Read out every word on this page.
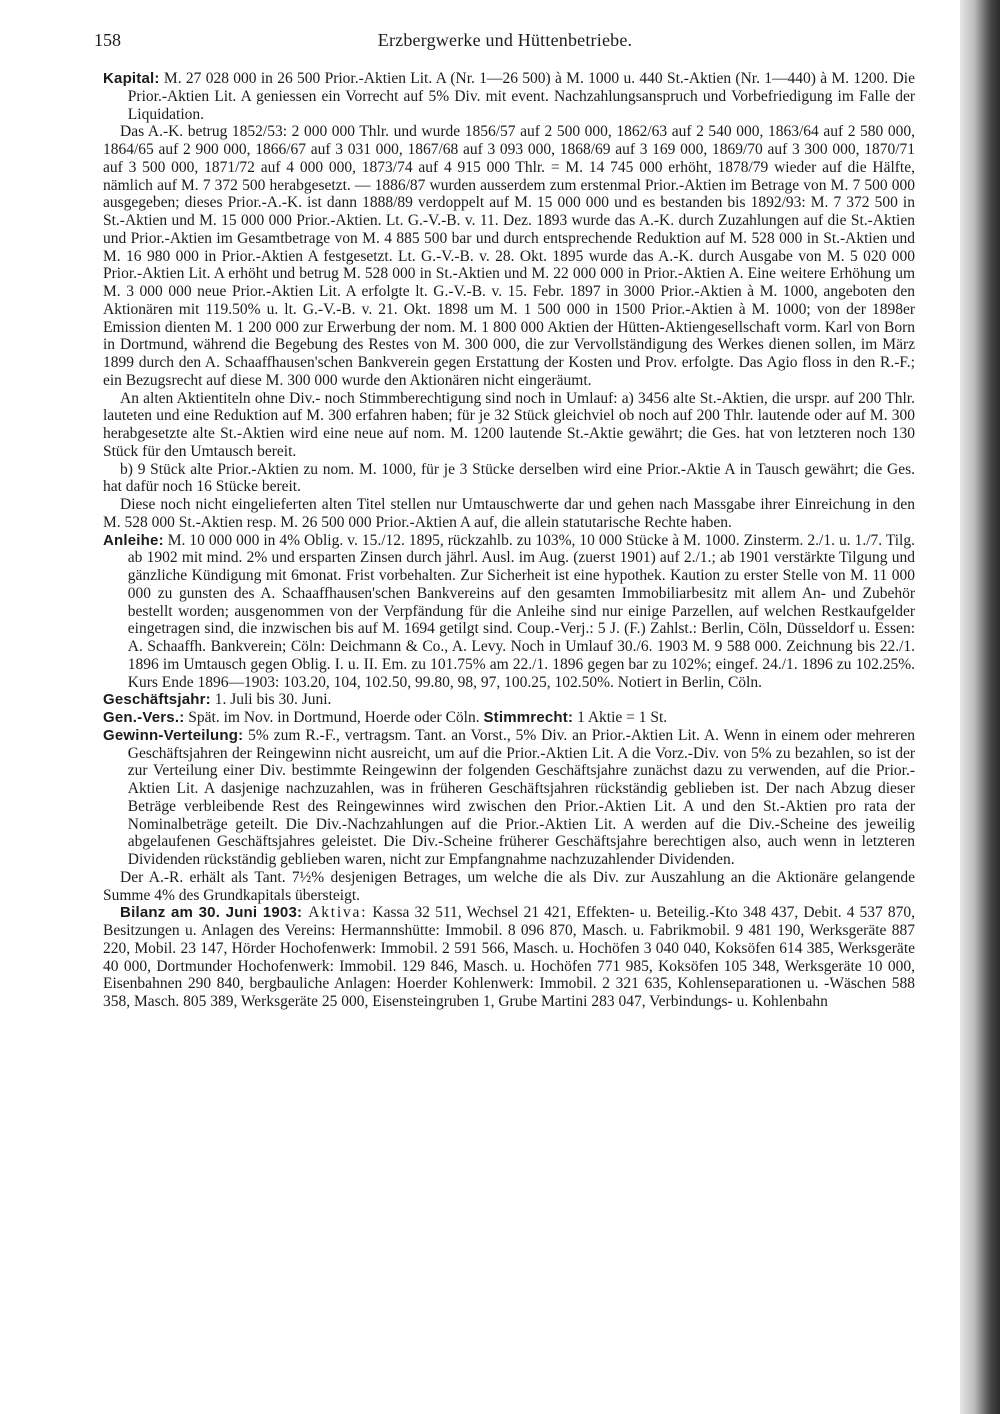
158	Erzbergwerke und Hüttenbetriebe.

Kapital: M. 27 028 000 in 26 500 Prior.-Aktien Lit. A (Nr. 1—26 500) à M. 1000 u. 440 St.-Aktien (Nr. 1—440) à M. 1200. Die Prior.-Aktien Lit. A geniessen ein Vorrecht auf 5% Div. mit event. Nachzahlungsanspruch und Vorbefriedigung im Falle der Liquidation.

Das A.-K. betrug 1852/53: 2 000 000 Thlr. und wurde 1856/57 auf 2 500 000, 1862/63 auf 2 540 000, 1863/64 auf 2 580 000, 1864/65 auf 2 900 000, 1866/67 auf 3 031 000, 1867/68 auf 3 093 000, 1868/69 auf 3 169 000, 1869/70 auf 3 300 000, 1870/71 auf 3 500 000, 1871/72 auf 4 000 000, 1873/74 auf 4 915 000 Thlr. = M. 14 745 000 erhöht, 1878/79 wieder auf die Hälfte, nämlich auf M. 7 372 500 herabgesetzt. — 1886/87 wurden ausserdem zum erstenmal Prior.-Aktien im Betrage von M. 7 500 000 ausgegeben; dieses Prior.-A.-K. ist dann 1888/89 verdoppelt auf M. 15 000 000 und es bestanden bis 1892/93: M. 7 372 500 in St.-Aktien und M. 15 000 000 Prior.-Aktien. Lt. G.-V.-B. v. 11. Dez. 1893 wurde das A.-K. durch Zuzahlungen auf die St.-Aktien und Prior.-Aktien im Gesamtbetrage von M. 4 885 500 bar und durch entsprechende Reduktion auf M. 528 000 in St.-Aktien und M. 16 980 000 in Prior.-Aktien A festgesetzt. Lt. G.-V.-B. v. 28. Okt. 1895 wurde das A.-K. durch Ausgabe von M. 5 020 000 Prior.-Aktien Lit. A erhöht und betrug M. 528 000 in St.-Aktien und M. 22 000 000 in Prior.-Aktien A. Eine weitere Erhöhung um M. 3 000 000 neue Prior.-Aktien Lit. A erfolgte lt. G.-V.-B. v. 15. Febr. 1897 in 3000 Prior.-Aktien à M. 1000, angeboten den Aktionären mit 119.50% u. lt. G.-V.-B. v. 21. Okt. 1898 um M. 1 500 000 in 1500 Prior.-Aktien à M. 1000; von der 1898er Emission dienten M. 1 200 000 zur Erwerbung der nom. M. 1 800 000 Aktien der Hütten-Aktiengesellschaft vorm. Karl von Born in Dortmund, während die Begebung des Restes von M. 300 000, die zur Vervollständigung des Werkes dienen sollen, im März 1899 durch den A. Schaaffhausen'schen Bankverein gegen Erstattung der Kosten und Prov. erfolgte. Das Agio floss in den R.-F.; ein Bezugsrecht auf diese M. 300 000 wurde den Aktionären nicht eingeräumt.

An alten Aktientiteln ohne Div.- noch Stimmberechtigung sind noch in Umlauf: a) 3456 alte St.-Aktien, die urspr. auf 200 Thlr. lauteten und eine Reduktion auf M. 300 erfahren haben; für je 32 Stück gleichviel ob noch auf 200 Thlr. lautende oder auf M. 300 herabgesetzte alte St.-Aktien wird eine neue auf nom. M. 1200 lautende St.-Aktie gewährt; die Ges. hat von letzteren noch 130 Stück für den Umtausch bereit.

b) 9 Stück alte Prior.-Aktien zu nom. M. 1000, für je 3 Stücke derselben wird eine Prior.-Aktie A in Tausch gewährt; die Ges. hat dafür noch 16 Stücke bereit.

Diese noch nicht eingelieferten alten Titel stellen nur Umtauschwerte dar und gehen nach Massgabe ihrer Einreichung in den M. 528 000 St.-Aktien resp. M. 26 500 000 Prior.-Aktien A auf, die allein statutarische Rechte haben.

Anleihe: M. 10 000 000 in 4% Oblig. v. 15./12. 1895, rückzahlb. zu 103%, 10 000 Stücke à M. 1000. Zinsterm. 2./1. u. 1./7. Tilg. ab 1902 mit mind. 2% und ersparten Zinsen durch jährl. Ausl. im Aug. (zuerst 1901) auf 2./1.; ab 1901 verstärkte Tilgung und gänzliche Kündigung mit 6monat. Frist vorbehalten. Zur Sicherheit ist eine hypothek. Kaution zu erster Stelle von M. 11 000 000 zu gunsten des A. Schaaffhausen'schen Bankvereins auf den gesamten Immobiliarbesitz mit allem An- und Zubehör bestellt worden; ausgenommen von der Verpfändung für die Anleihe sind nur einige Parzellen, auf welchen Restkaufgelder eingetragen sind, die inzwischen bis auf M. 1694 getilgt sind. Coup.-Verj.: 5 J. (F.) Zahlst.: Berlin, Cöln, Düsseldorf u. Essen: A. Schaaffh. Bankverein; Cöln: Deichmann & Co., A. Levy. Noch in Umlauf 30./6. 1903 M. 9 588 000. Zeichnung bis 22./1. 1896 im Umtausch gegen Oblig. I. u. II. Em. zu 101.75% am 22./1. 1896 gegen bar zu 102%; eingef. 24./1. 1896 zu 102.25%. Kurs Ende 1896—1903: 103.20, 104, 102.50, 99.80, 98, 97, 100.25, 102.50%. Notiert in Berlin, Cöln.

Geschäftsjahr: 1. Juli bis 30. Juni.

Gen.-Vers.: Spät. im Nov. in Dortmund, Hoerde oder Cöln. Stimmrecht: 1 Aktie = 1 St.

Gewinn-Verteilung: 5% zum R.-F., vertragsm. Tant. an Vorst., 5% Div. an Prior.-Aktien Lit. A. Wenn in einem oder mehreren Geschäftsjahren der Reingewinn nicht ausreicht, um auf die Prior.-Aktien Lit. A die Vorz.-Div. von 5% zu bezahlen, so ist der zur Verteilung einer Div. bestimmte Reingewinn der folgenden Geschäftsjahre zunächst dazu zu verwenden, auf die Prior.-Aktien Lit. A dasjenige nachzuzahlen, was in früheren Geschäftsjahren rückständig geblieben ist. Der nach Abzug dieser Beträge verbleibende Rest des Reingewinnes wird zwischen den Prior.-Aktien Lit. A und den St.-Aktien pro rata der Nominalbeträge geteilt. Die Div.-Nachzahlungen auf die Prior.-Aktien Lit. A werden auf die Div.-Scheine des jeweilig abgelaufenen Geschäftsjahres geleistet. Die Div.-Scheine früherer Geschäftsjahre berechtigen also, auch wenn in letzteren Dividenden rückständig geblieben waren, nicht zur Empfangnahme nachzuzahlender Dividenden.

Der A.-R. erhält als Tant. 7½% desjenigen Betrages, um welche die als Div. zur Auszahlung an die Aktionäre gelangende Summe 4% des Grundkapitals übersteigt.

Bilanz am 30. Juni 1903: Aktiva: Kassa 32 511, Wechsel 21 421, Effekten- u. Beteilig.-Kto 348 437, Debit. 4 537 870, Besitzungen u. Anlagen des Vereins: Hermannshütte: Immobil. 8 096 870, Masch. u. Fabrikmobil. 9 481 190, Werksgeräte 887 220, Mobil. 23 147, Hörder Hochofenwerk: Immobil. 2 591 566, Masch. u. Hochöfen 3 040 040, Koksöfen 614 385, Werksgeräte 40 000, Dortmunder Hochofenwerk: Immobil. 129 846, Masch. u. Hochöfen 771 985, Koksöfen 105 348, Werksgeräte 10 000, Eisenbahnen 290 840, bergbauliche Anlagen: Hoerder Kohlenwerk: Immobil. 2 321 635, Kohlenseparationen u. -Wäschen 588 358, Masch. 805 389, Werksgeräte 25 000, Eisensteingruben 1, Grube Martini 283 047, Verbindungs- u. Kohlenbahn
